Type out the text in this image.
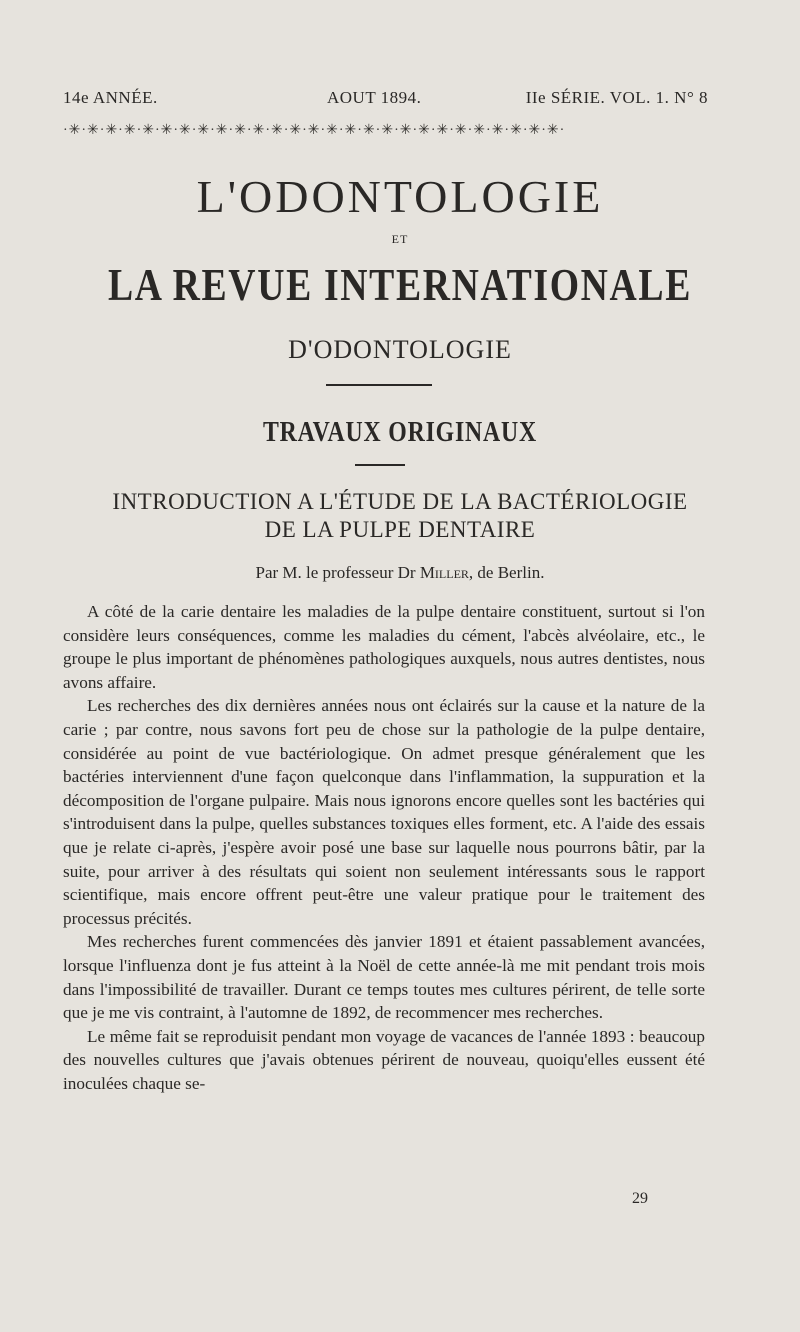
14e ANNÉE.	AOUT 1894.	IIe SÉRIE. VOL. 1. N° 8
·✳·✳·✳·✳·✳·✳·✳·✳·✳·✳·✳·✳·✳·✳·✳·✳·✳·✳·✳·✳·✳·✳·✳·✳·✳·✳·✳·
L'ODONTOLOGIE
ET
LA REVUE INTERNATIONALE
D'ODONTOLOGIE
TRAVAUX ORIGINAUX
INTRODUCTION A L'ÉTUDE DE LA BACTÉRIOLOGIE
DE LA PULPE DENTAIRE
Par M. le professeur Dr Miller, de Berlin.

A côté de la carie dentaire les maladies de la pulpe dentaire constituent, surtout si l'on considère leurs conséquences, comme les maladies du cément, l'abcès alvéolaire, etc., le groupe le plus important de phénomènes pathologiques auxquels, nous autres dentistes, nous avons affaire.

Les recherches des dix dernières années nous ont éclairés sur la cause et la nature de la carie ; par contre, nous savons fort peu de chose sur la pathologie de la pulpe dentaire, considérée au point de vue bactériologique. On admet presque généralement que les bactéries interviennent d'une façon quelconque dans l'inflammation, la suppuration et la décomposition de l'organe pulpaire. Mais nous ignorons encore quelles sont les bactéries qui s'introduisent dans la pulpe, quelles substances toxiques elles forment, etc. A l'aide des essais que je relate ci-après, j'espère avoir posé une base sur laquelle nous pourrons bâtir, par la suite, pour arriver à des résultats qui soient non seulement intéressants sous le rapport scientifique, mais encore offrent peut-être une valeur pratique pour le traitement des processus précités.

Mes recherches furent commencées dès janvier 1891 et étaient passablement avancées, lorsque l'influenza dont je fus atteint à la Noël de cette année-là me mit pendant trois mois dans l'impossibilité de travailler. Durant ce temps toutes mes cultures périrent, de telle sorte que je me vis contraint, à l'automne de 1892, de recommencer mes recherches.

Le même fait se reproduisit pendant mon voyage de vacances de l'année 1893 : beaucoup des nouvelles cultures que j'avais obtenues périrent de nouveau, quoiqu'elles eussent été inoculées chaque se-

29
